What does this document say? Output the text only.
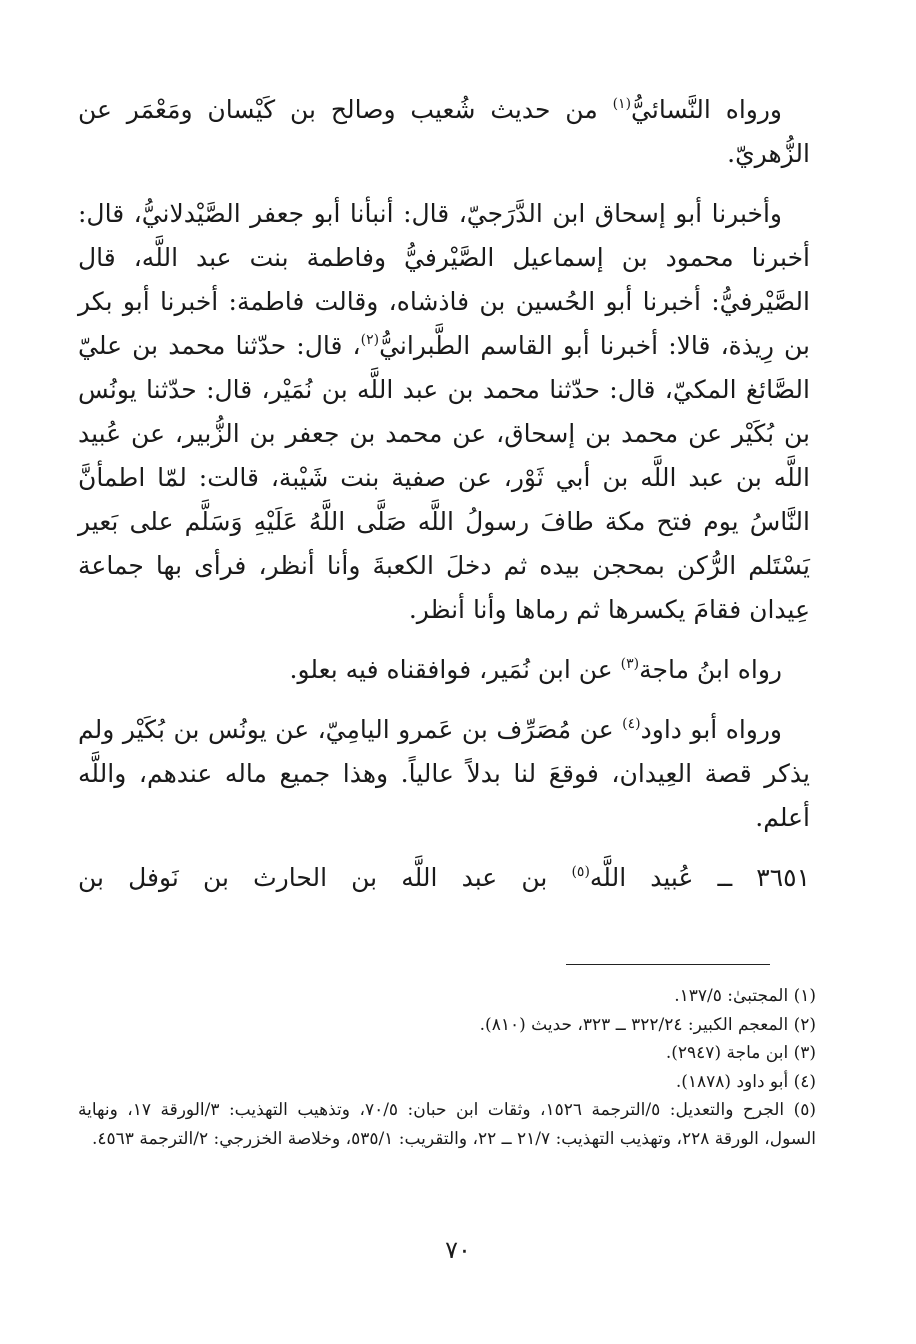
ورواه النَّسائيُّ$^{(١)}$ من حديث شُعيب وصالح بن كَيْسان ومَعْمَر عن الزُّهريّ.

وأخبرنا أبو إسحاق ابن الدَّرَجيّ، قال: أنبأنا أبو جعفر الصَّيْدلانيُّ، قال: أخبرنا محمود بن إسماعيل الصَّيْرفيُّ وفاطمة بنت عبد اللَّه، قال الصَّيْرفيُّ: أخبرنا أبو الحُسين بن فاذشاه، وقالت فاطمة: أخبرنا أبو بكر بن رِيذة، قالا: أخبرنا أبو القاسم الطَّبرانيُّ$^{(٢)}$، قال: حدّثنا محمد بن عليّ الصَّائغ المكيّ، قال: حدّثنا محمد بن عبد اللَّه بن نُمَيْر، قال: حدّثنا يونُس بن بُكَيْر عن محمد بن إسحاق، عن محمد بن جعفر بن الزُّبير، عن عُبيد اللَّه بن عبد اللَّه بن أبي ثَوْر، عن صفية بنت شَيْبة، قالت: لمّا اطمأنَّ النَّاسُ يوم فتح مكة طافَ رسولُ اللَّه صَلَّى اللَّهُ عَلَيْهِ وَسَلَّم على بَعير يَسْتَلم الرُّكن بمحجن بيده ثم دخلَ الكعبةَ وأنا أنظر، فرأى بها جماعة عِيدان فقامَ يكسرها ثم رماها وأنا أنظر.

رواه ابنُ ماجة$^{(٣)}$ عن ابن نُمَير، فوافقناه فيه بعلو.

ورواه أبو داود$^{(٤)}$ عن مُصَرِّف بن عَمرو اليامِيّ، عن يونُس بن بُكَيْر ولم يذكر قصة العِيدان، فوقعَ لنا بدلاً عالياً. وهذا جميع ماله عندهم، واللَّه أعلم.

٣٦٥١ ــ عُبيد اللَّه$^{(٥)}$ بن عبد اللَّه بن الحارث بن نَوفل بن

(١) المجتبىٰ: ١٣٧/٥.
(٢) المعجم الكبير: ٣٢٢/٢٤ ــ ٣٢٣، حديث (٨١٠).
(٣) ابن ماجة (٢٩٤٧).
(٤) أبو داود (١٨٧٨).
(٥) الجرح والتعديل: ٥/الترجمة ١٥٢٦، وثقات ابن حبان: ٧٠/٥، وتذهيب التهذيب: ٣/الورقة ١٧، ونهاية السول، الورقة ٢٢٨، وتهذيب التهذيب: ٢١/٧ ــ ٢٢، والتقريب: ٥٣٥/١، وخلاصة الخزرجي: ٢/الترجمة ٤٥٦٣.
٧٠
